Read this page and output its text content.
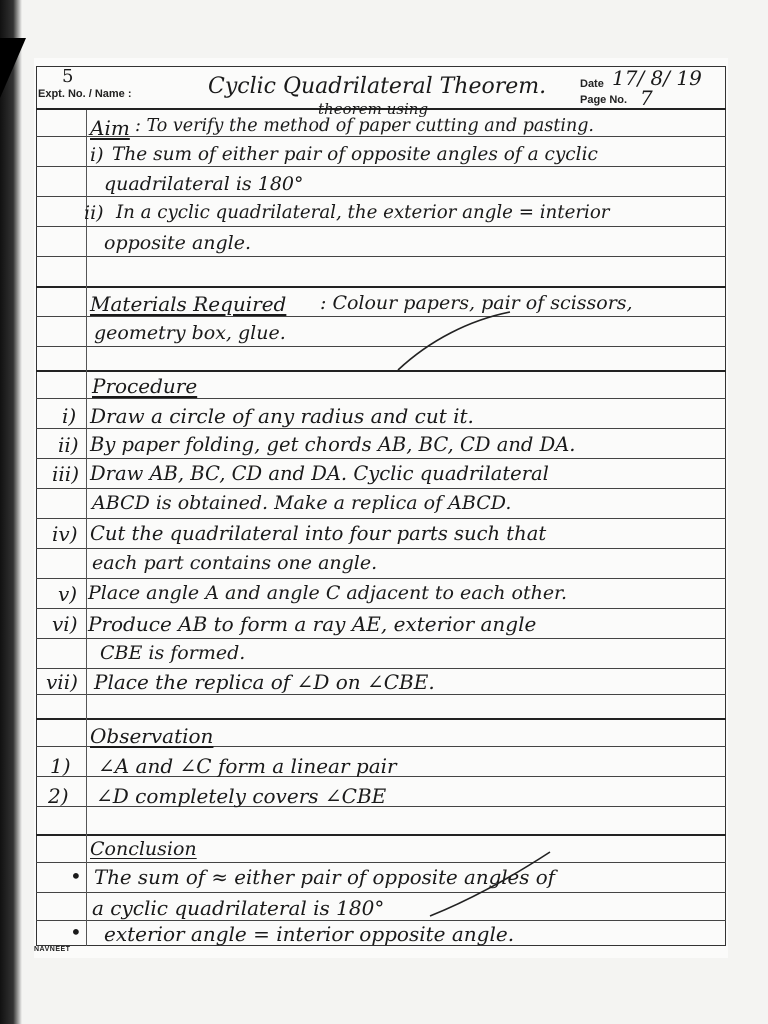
5
Expt. No. / Name :	Cyclic Quadrilateral Theorem.	Date 17/ 8/ 19
Page No. 7
theorem using
Aim : To verify the method of paper cutting and pasting.
i) The sum of either pair of opposite angles of a cyclic
quadrilateral is 180°
ii) In a cyclic quadrilateral, the exterior angle = interior
opposite angle.
Materials Required : Colour papers, pair of scissors,
geometry box, glue.
Procedure
i) Draw a circle of any radius and cut it.
ii) By paper folding, get chords AB, BC, CD and DA.
iii) Draw AB, BC, CD and DA. Cyclic quadrilateral
ABCD is obtained. Make a replica of ABCD.
iv) Cut the quadrilateral into four parts such that
each part contains one angle.
v) Place angle A and angle C adjacent to each other.
vi) Produce AB to form a ray AE, exterior angle
CBE is formed.
vii) Place the replica of ∠D on ∠CBE.
Observation
1) ∠A and ∠C form a linear pair
2) ∠D completely covers ∠CBE
Conclusion
• The sum of ≈ either pair of opposite angles of
a cyclic quadrilateral is 180°
• exterior angle = interior opposite angle.
NAVNEET
